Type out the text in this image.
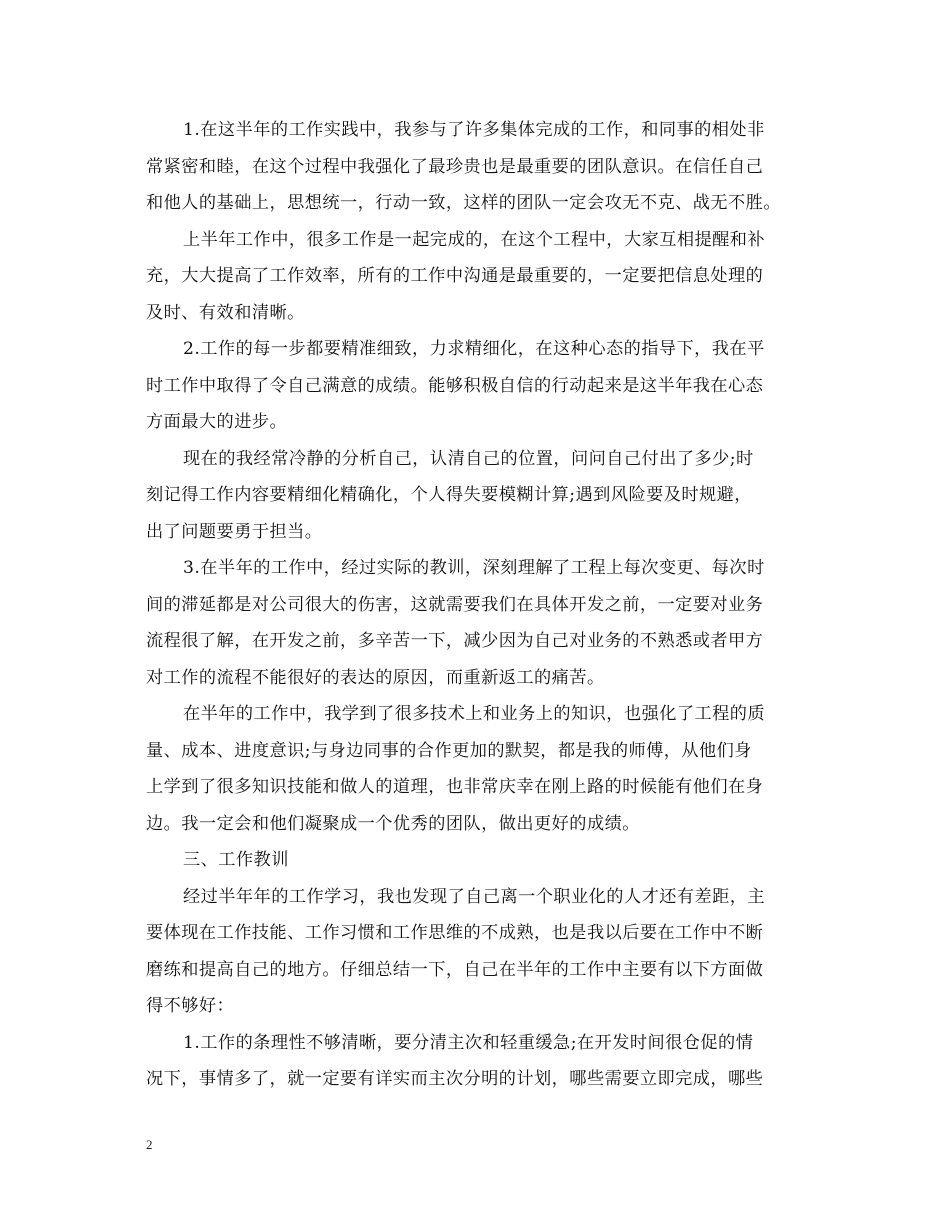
1.在这半年的工作实践中，我参与了许多集体完成的工作，和同事的相处非
常紧密和睦，在这个过程中我强化了最珍贵也是最重要的团队意识。在信任自己
和他人的基础上，思想统一，行动一致，这样的团队一定会攻无不克、战无不胜。
上半年工作中，很多工作是一起完成的，在这个工程中，大家互相提醒和补
充，大大提高了工作效率，所有的工作中沟通是最重要的，一定要把信息处理的
及时、有效和清晰。
2.工作的每一步都要精准细致，力求精细化，在这种心态的指导下，我在平
时工作中取得了令自己满意的成绩。能够积极自信的行动起来是这半年我在心态
方面最大的进步。
现在的我经常冷静的分析自己，认清自己的位置，问问自己付出了多少;时
刻记得工作内容要精细化精确化，个人得失要模糊计算;遇到风险要及时规避，
出了问题要勇于担当。
3.在半年的工作中，经过实际的教训，深刻理解了工程上每次变更、每次时
间的滞延都是对公司很大的伤害，这就需要我们在具体开发之前，一定要对业务
流程很了解，在开发之前，多辛苦一下，减少因为自己对业务的不熟悉或者甲方
对工作的流程不能很好的表达的原因，而重新返工的痛苦。
在半年的工作中，我学到了很多技术上和业务上的知识，也强化了工程的质
量、成本、进度意识;与身边同事的合作更加的默契，都是我的师傅，从他们身
上学到了很多知识技能和做人的道理，也非常庆幸在刚上路的时候能有他们在身
边。我一定会和他们凝聚成一个优秀的团队，做出更好的成绩。
三、工作教训
经过半年年的工作学习，我也发现了自己离一个职业化的人才还有差距，主
要体现在工作技能、工作习惯和工作思维的不成熟，也是我以后要在工作中不断
磨练和提高自己的地方。仔细总结一下，自己在半年的工作中主要有以下方面做
得不够好：
1.工作的条理性不够清晰，要分清主次和轻重缓急;在开发时间很仓促的情
况下，事情多了，就一定要有详实而主次分明的计划，哪些需要立即完成，哪些
2
